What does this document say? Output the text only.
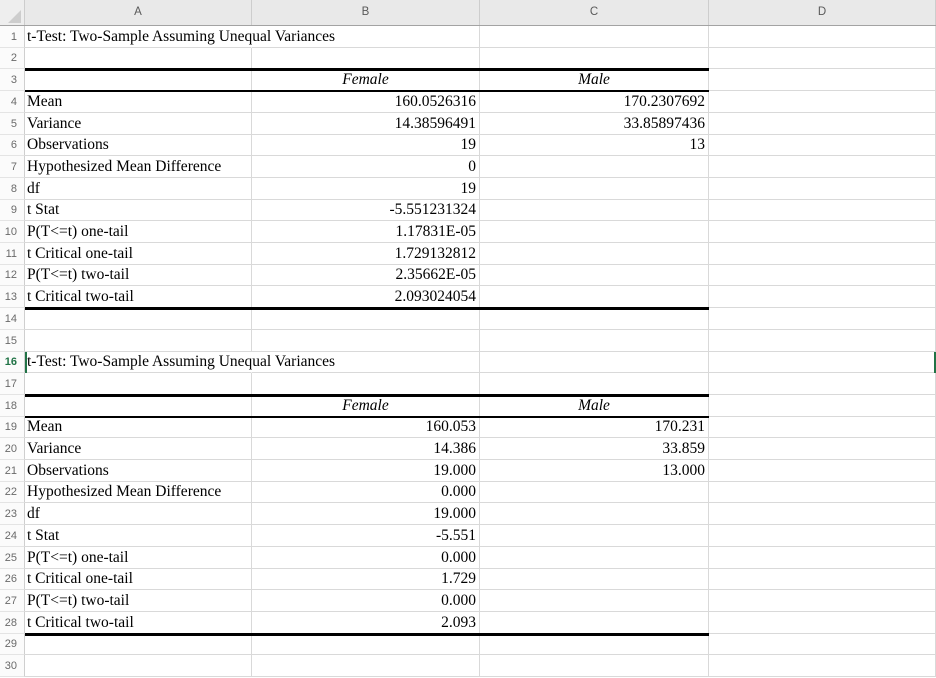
A	B	C	D
1 t-Test: Two-Sample Assuming Unequal Variances
2
3	Female	Male
4 Mean	160.0526316	170.2307692
5 Variance	14.38596491	33.85897436
6 Observations	19	13
7 Hypothesized Mean Difference	0
8 df	19
9 t Stat	-5.551231324
10 P(T<=t) one-tail	1.17831E-05
11 t Critical one-tail	1.729132812
12 P(T<=t) two-tail	2.35662E-05
13 t Critical two-tail	2.093024054
14
15
16 t-Test: Two-Sample Assuming Unequal Variances
17
18	Female	Male
19 Mean	160.053	170.231
20 Variance	14.386	33.859
21 Observations	19.000	13.000
22 Hypothesized Mean Difference	0.000
23 df	19.000
24 t Stat	-5.551
25 P(T<=t) one-tail	0.000
26 t Critical one-tail	1.729
27 P(T<=t) two-tail	0.000
28 t Critical two-tail	2.093
29
30
